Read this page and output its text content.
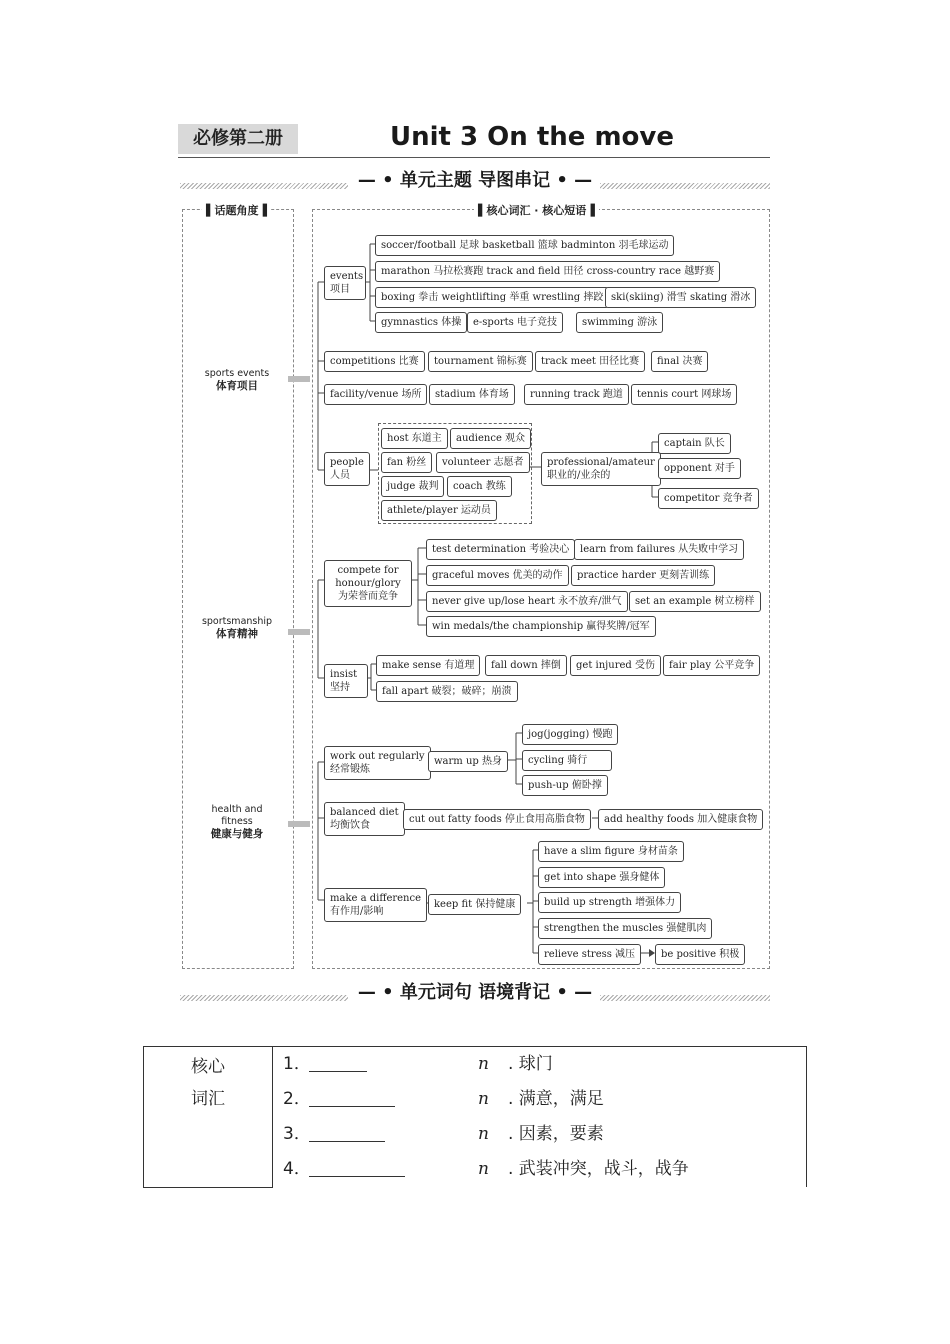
必修第二册	Unit 3 On the move
— • 单元主题 导图串记 • —
▌话题角度▐	▌核心词汇 · 核心短语▐
sports events
体育项目
sportsmanship
体育精神
health and
fitness
健康与健身
events
项目
soccer/football 足球 basketball 篮球 badminton 羽毛球运动
marathon 马拉松赛跑 track and field 田径 cross-country race 越野赛
boxing 拳击 weightlifting 举重 wrestling 摔跤 ski(skiing) 滑雪 skating 滑冰
gymnastics 体操	e-sports 电子竞技	swimming 游泳
competitions 比赛	tournament 锦标赛	track meet 田径比赛	final 决赛
facility/venue 场所	stadium 体育场	running track 跑道	tennis court 网球场
people
人员
host 东道主	audience 观众
fan 粉丝	volunteer 志愿者
judge 裁判	coach 教练
athlete/player 运动员
professional/amateur
职业的/业余的
captain 队长
opponent 对手
competitor 竞争者
compete for
honour/glory
为荣誉而竞争
test determination 考验决心	learn from failures 从失败中学习
graceful moves 优美的动作	practice harder 更刻苦训练
never give up/lose heart 永不放弃/泄气	set an example 树立榜样
win medals/the championship 赢得奖牌/冠军
insist
坚持
make sense 有道理	fall down 摔倒	get injured 受伤	fair play 公平竞争
fall apart 破裂；破碎；崩溃
work out regularly
经常锻炼
warm up 热身
jog(jogging) 慢跑
cycling 骑行
push-up 俯卧撑
balanced diet
均衡饮食
cut out fatty foods 停止食用高脂食物	add healthy foods 加入健康食物
make a difference
有作用/影响
keep fit 保持健康
have a slim figure 身材苗条
get into shape 强身健体
build up strength 增强体力
strengthen the muscles 强健肌肉
relieve stress 减压	be positive 积极
— • 单元词句 语境背记 • —
核心
词汇	
1．	n . 球门
2．	n . 满意，满足
3．	n . 因素，要素
4．	n . 武装冲突，战斗，战争
